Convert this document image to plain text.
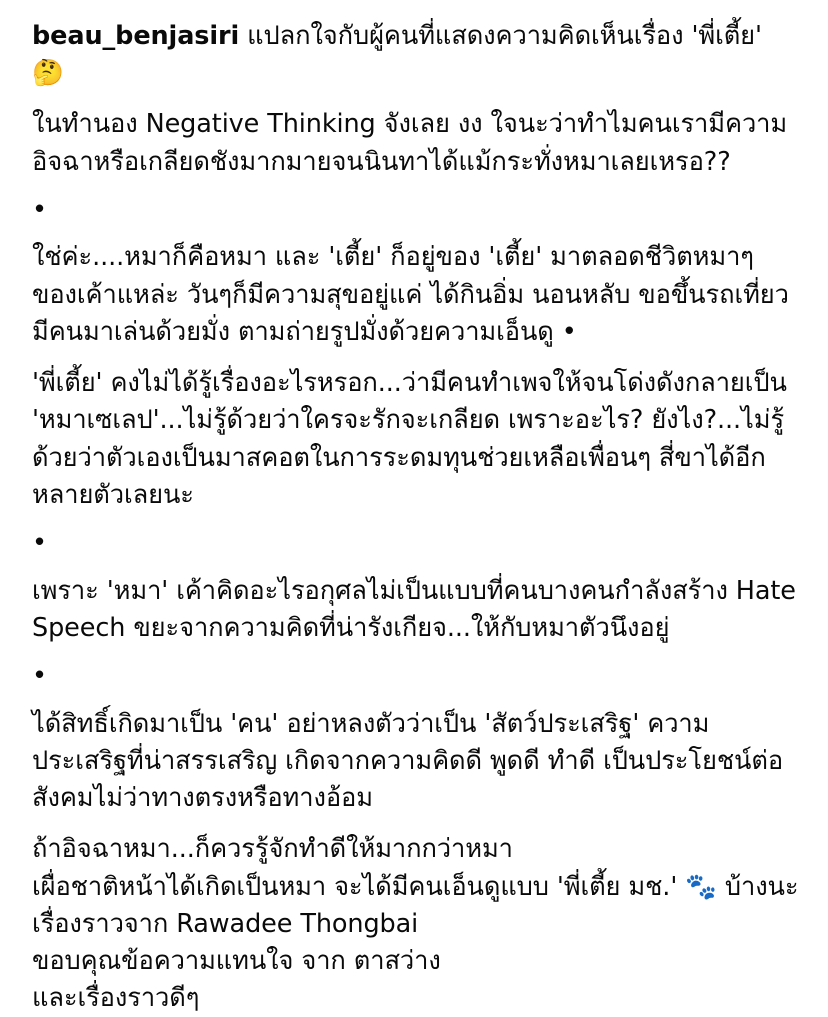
beau_benjasiri แปลกใจกับผู้คนที่แสดงความคิดเห็นเรื่อง 'พี่เตี้ย' 🤔

ในทำนอง Negative Thinking จังเลย งง ใจนะว่าทำไมคนเรามีความอิจฉาหรือเกลียดชังมากมายจนนินทาได้แม้กระทั่งหมาเลยเหรอ??

•

ใช่ค่ะ....หมาก็คือหมา และ 'เตี้ย' ก็อยู่ของ 'เตี้ย' มาตลอดชีวิตหมาๆ ของเค้าแหล่ะ วันๆก็มีความสุขอยู่แค่ ได้กินอิ่ม นอนหลับ ขอขึ้นรถเที่ยว มีคนมาเล่นด้วยมั่ง ตามถ่ายรูปมั่งด้วยความเอ็นดู •

'พี่เตี้ย' คงไม่ได้รู้เรื่องอะไรหรอก...ว่ามีคนทำเพจให้จนโด่งดังกลายเป็น 'หมาเซเลป'...ไม่รู้ด้วยว่าใครจะรักจะเกลียด เพราะอะไร? ยังไง?...ไม่รู้ด้วยว่าตัวเองเป็นมาสคอตในการระดมทุนช่วยเหลือเพื่อนๆ สี่ขาได้อีกหลายตัวเลยนะ

•

เพราะ 'หมา' เค้าคิดอะไรอกุศลไม่เป็นแบบที่คนบางคนกำลังสร้าง Hate Speech ขยะจากความคิดที่น่ารังเกียจ...ให้กับหมาตัวนึงอยู่

•

ได้สิทธิ์เกิดมาเป็น 'คน' อย่าหลงตัวว่าเป็น 'สัตว์ประเสริฐ' ความประเสริฐที่น่าสรรเสริญ เกิดจากความคิดดี พูดดี ทำดี เป็นประโยชน์ต่อสังคมไม่ว่าทางตรงหรือทางอ้อม

ถ้าอิจฉาหมา...ก็ควรรู้จักทำดีให้มากกว่าหมา

เผื่อชาติหน้าได้เกิดเป็นหมา จะได้มีคนเอ็นดูแบบ 'พี่เตี้ย มช.' 🐾 บ้างนะ

เรื่องราวจาก Rawadee Thongbai

ขอบคุณข้อความแทนใจ จาก ตาสว่าง

และเรื่องราวดีๆ
